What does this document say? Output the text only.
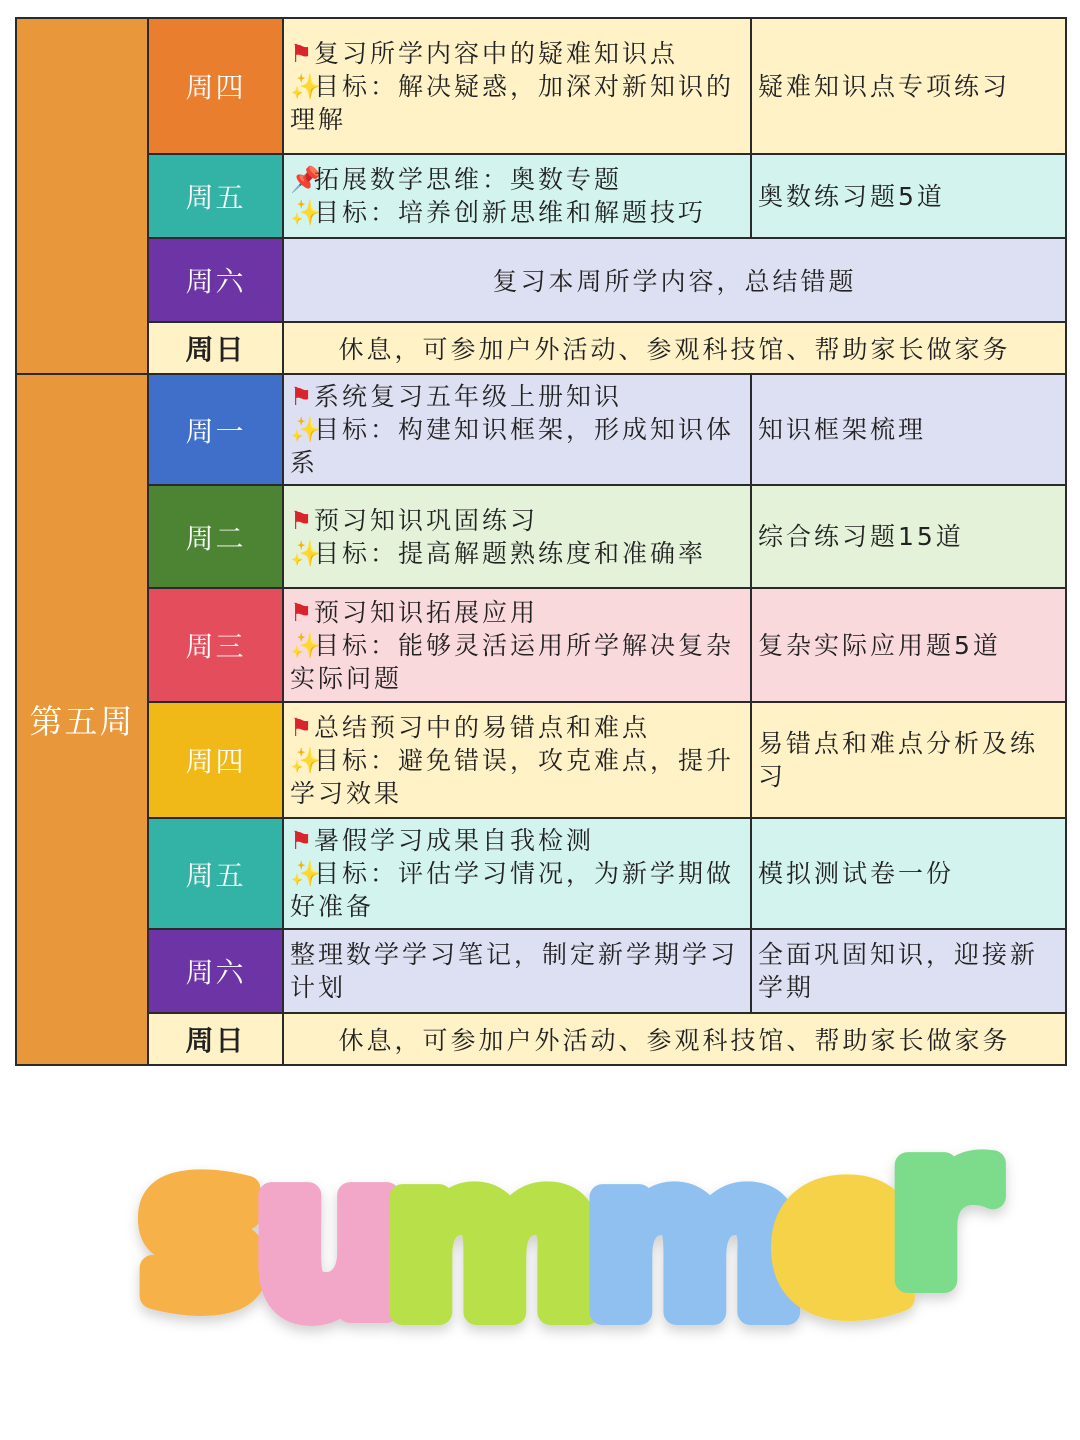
	周四	⚑复习所学内容中的疑难知识点
✨目标：解决疑惑，加深对新知识的理解	疑难知识点专项练习
	周五	📌拓展数学思维：奥数专题
✨目标：培养创新思维和解题技巧	奥数练习题5道
	周六	复习本周所学内容，总结错题	
	周日	休息，可参加户外活动、参观科技馆、帮助家长做家务	
第五周	周一	⚑系统复习五年级上册知识
✨目标：构建知识框架，形成知识体系	知识框架梳理
	周二	⚑预习知识巩固练习
✨目标：提高解题熟练度和准确率	综合练习题15道
	周三	⚑预习知识拓展应用
✨目标：能够灵活运用所学解决复杂实际问题	复杂实际应用题5道
	周四	⚑总结预习中的易错点和难点
✨目标：避免错误，攻克难点，提升学习效果	易错点和难点分析及练习
	周五	⚑暑假学习成果自我检测
✨目标：评估学习情况，为新学期做好准备	模拟测试卷一份
	周六	整理数学学习笔记，制定新学期学习计划	全面巩固知识，迎接新学期
	周日	休息，可参加户外活动、参观科技馆、帮助家长做家务	
s
u
m
m
e
r
